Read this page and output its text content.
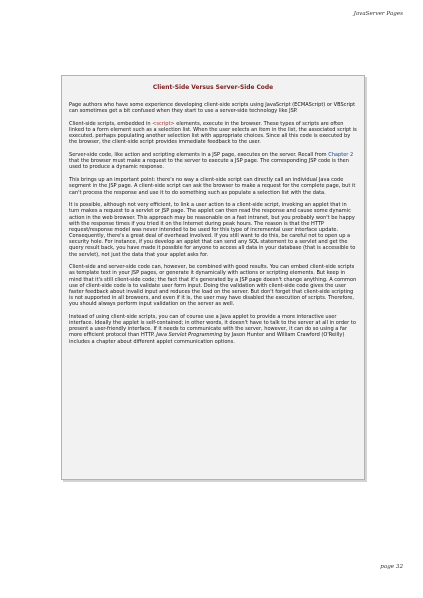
JavaServer Pages
Client-Side Versus Server-Side Code

Page authors who have some experience developing client-side scripts using JavaScript (ECMAScript) or VBScript can sometimes get a bit confused when they start to use a server-side technology like JSP.

Client-side scripts, embedded in <script> elements, execute in the browser. These types of scripts are often linked to a form element such as a selection list. When the user selects an item in the list, the associated script is executed, perhaps populating another selection list with appropriate choices. Since all this code is executed by the browser, the client-side script provides immediate feedback to the user.

Server-side code, like action and scripting elements in a JSP page, executes on the server. Recall from Chapter 2 that the browser must make a request to the server to execute a JSP page. The corresponding JSP code is then used to produce a dynamic response.

This brings up an important point: there's no way a client-side script can directly call an individual Java code segment in the JSP page. A client-side script can ask the browser to make a request for the complete page, but it can't process the response and use it to do something such as populate a selection list with the data.

It is possible, although not very efficient, to link a user action to a client-side script, invoking an applet that in turn makes a request to a servlet or JSP page. The applet can then read the response and cause some dynamic action in the web browser. This approach may be reasonable on a fast intranet, but you probably won't be happy with the response times if you tried it on the Internet during peak hours. The reason is that the HTTP request/response model was never intended to be used for this type of incremental user interface update. Consequently, there's a great deal of overhead involved. If you still want to do this, be careful not to open up a security hole. For instance, if you develop an applet that can send any SQL statement to a servlet and get the query result back, you have made it possible for anyone to access all data in your database (that is accessible to the servlet), not just the data that your applet asks for.

Client-side and server-side code can, however, be combined with good results. You can embed client-side scripts as template text in your JSP pages, or generate it dynamically with actions or scripting elements. But keep in mind that it's still client-side code; the fact that it's generated by a JSP page doesn't change anything. A common use of client-side code is to validate user form input. Doing the validation with client-side code gives the user faster feedback about invalid input and reduces the load on the server. But don't forget that client-side scripting is not supported in all browsers, and even if it is, the user may have disabled the execution of scripts. Therefore, you should always perform input validation on the server as well.

Instead of using client-side scripts, you can of course use a Java applet to provide a more interactive user interface. Ideally the applet is self-contained; in other words, it doesn't have to talk to the server at all in order to present a user-friendly interface. If it needs to communicate with the server, however, it can do so using a far more efficient protocol than HTTP. Java Servlet Programming by Jason Hunter and William Crawford (O'Reilly) includes a chapter about different applet communication options.

page 32
